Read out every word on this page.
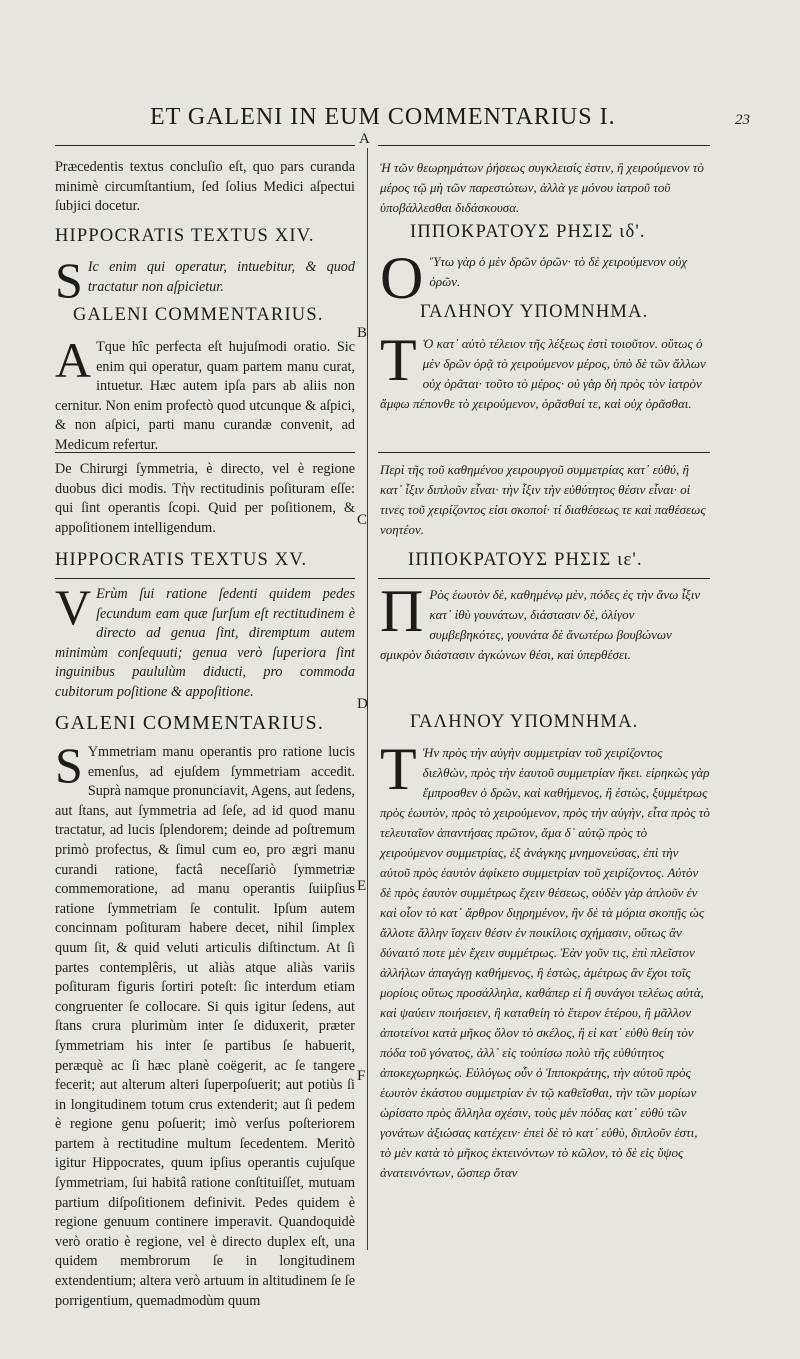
ET GALENI IN EUM COMMENTARIUS I.	23
A
B
C
D
E
F

Præcedentis textus concluſio eſt, quo pars curanda minimè circumſtantium, ſed ſolius Medici aſpectui ſubjici docetur.

HIPPOCRATIS TEXTUS XIV.

S Ic enim qui operatur, intuebitur, & quod tractatur non aſpicietur.

GALENI COMMENTARIUS.

A Tque hîc perfecta eſt hujuſmodi oratio. Sic enim qui operatur, quam partem manu curat, intuetur. Hæc autem ipſa pars ab aliis non cernitur. Non enim profectò quod utcunque & aſpici, & non aſpici, parti manu curandæ convenit, ad Medicum refertur.

De Chirurgi ſymmetria, è directo, vel è regione duobus dici modis. Τὴν rectitudinis poſituram eſſe: qui ſint operantis ſcopi. Quid per poſitionem, & appoſitionem intelligendum.

HIPPOCRATIS TEXTUS XV.

V Erùm ſui ratione ſedenti quidem pedes ſecundum eam quæ ſurſum eſt rectitudinem è directo ad genua ſint, diremptum autem minimùm conſequuti; genua verò ſuperiora ſint inguinibus paululùm diducti, pro commoda cubitorum poſitione & appoſitione.

GALENI COMMENTARIUS.

S Ymmetriam manu operantis pro ratione lucis emenſus, ad ejuſdem ſymmetriam accedit. Suprà namque pronunciavit, Agens, aut ſedens, aut ſtans, aut ſymmetria ad ſeſe, ad id quod manu tractatur, ad lucis ſplendorem; deinde ad poſtremum primò profectus, & ſimul cum eo, pro ægri manu curandi ratione, factâ neceſſariò ſymmetriæ commemoratione, ad manu operantis ſuiipſius ratione ſymmetriam ſe contulit. Ipſum autem concinnam poſituram habere decet, nihil ſimplex quum ſit, & quid veluti articulis diſtinctum. At ſi partes contemplêris, ut aliàs atque aliàs variis poſituram figuris ſortiri poteſt: ſic interdum etiam congruenter ſe collocare. Si quis igitur ſedens, aut ſtans crura plurimùm inter ſe diduxerit, præter ſymmetriam his inter ſe partibus ſe habuerit, peræquè ac ſi hæc planè coëgerit, ac ſe tangere fecerit; aut alterum alteri ſuperpoſuerit; aut potiùs ſi in longitudinem totum crus extenderit; aut ſi pedem è regione genu poſuerit; imò verſus poſteriorem partem à rectitudine multum ſecedentem. Meritò igitur Hippocrates, quum ipſius operantis cujuſque ſymmetriam, ſui habitâ ratione conſtituiſſet, mutuam partium diſpoſitionem definivit. Pedes quidem è regione genuum continere imperavit. Quandoquidè verò oratio è regione, vel è directo duplex eſt, una quidem membrorum ſe in longitudinem extendentium; altera verò artuum in altitudinem ſe ſe porrigentium, quemadmodùm quum

Ἡ τῶν θεωρημάτων ῥήσεως συγκλεισίς ἐστιν, ἣ χειρούμενον τὸ μέρος τῷ μὴ τῶν παρεστώτων, ἀλλὰ γε μόνου ἰατροῦ τοῦ ὑποβάλλεσθαι διδάσκουσα.

ΙΠΠΟΚΡΑΤΟΥΣ ΡΗΣΙΣ ιδ'.

Ο Ὕτω γὰρ ὁ μὲν δρῶν ὁρῶν· τὸ δὲ χειρούμενον οὐχ ὁρῶν.

ΓΑΛΗΝΟΥ ΥΠΟΜΝΗΜΑ.

Τ Ὁ κατ᾽ αὐτὸ τέλειον τῆς λέξεως ἐστὶ τοιοῦτον. οὕτως ὁ μὲν δρῶν ὁρᾷ τὸ χειρούμενον μέρος, ὑπὸ δὲ τῶν ἄλλων οὐχ ὁρᾶται· τοῦτο τὸ μέρος· οὐ γὰρ δὴ πρὸς τὸν ἰατρὸν ἄμφω πέπονθε τὸ χειρούμενον, ὁρᾶσθαί τε, καὶ οὐχ ὁρᾶσθαι.

Περὶ τῆς τοῦ καθημένου χειρουργοῦ συμμετρίας κατ᾽ εὐθύ, ἢ κατ᾽ ἶξιν διπλοῦν εἶναι· τὴν ἶξιν τὴν εὐθύτητος θέσιν εἶναι· οἱ τινες τοῦ χειρίζοντος εἰσι σκοποί· τί διαθέσεως τε καὶ παθέσεως νοητέον.

ΙΠΠΟΚΡΑΤΟΥΣ ΡΗΣΙΣ ιε'.

Π Ρὸς ἑωυτὸν δὲ, καθημένῳ μὲν, πόδες ἐς τὴν ἄνω ἶξιν κατ᾽ ἰθὺ γουνάτων, διάστασιν δὲ, ὀλίγον συμβεβηκότες, γουνάτα δὲ ἄνωτέρω βουβώνων σμικρὸν διάστασιν ἀγκώνων θέσι, καὶ ὑπερθέσει.

ΓΑΛΗΝΟΥ ΥΠΟΜΝΗΜΑ.

Τ Ἡν πρὸς τὴν αὐγὴν συμμετρίαν τοῦ χειρίζοντος διελθὼν, πρὸς τὴν ἑαυτοῦ συμμετρίαν ἥκει. εἰρηκὼς γὰρ ἔμπροσθεν ὁ δρῶν, καὶ καθήμενος, ἢ ἑστὼς, ξυμμέτρως πρὸς ἑωυτὸν, πρὸς τὸ χειρούμενον, πρὸς τὴν αὐγὴν, εἶτα πρὸς τὸ τελευταῖον ἀπαντήσας πρῶτον, ἅμα δ᾽ αὐτῷ πρὸς τὸ χειρούμενον συμμετρίας, ἐξ ἀνάγκης μνημονεύσας, ἐπὶ τὴν αὐτοῦ πρὸς ἑαυτὸν ἀφίκετο συμμετρίαν τοῦ χειρίζοντος. Αὐτὸν δὲ πρὸς ἑαυτὸν συμμέτρως ἔχειν θέσεως, οὐδὲν γὰρ ἁπλοῦν ἐν καὶ οἷον τὸ κατ᾽ ἄρθρον διῃρημένον, ἢν δὲ τὰ μόρια σκοπῇς ὡς ἄλλοτε ἄλλην ἴσχειν θέσιν ἐν ποικίλοις σχήμασιν, οὕτως ἂν δύναιτό ποτε μὲν ἔχειν συμμέτρως. Ἐὰν γοῦν τις, ἐπὶ πλεῖστον ἀλλήλων ἀπαγάγῃ καθήμενος, ἢ ἑστὼς, ἀμέτρως ἂν ἔχοι τοῖς μορίοις οὕτως προσάλληλα, καθάπερ εἰ ἢ συνάγοι τελέως αὐτὰ, καὶ ψαύειν ποιήσειεν, ἢ καταθείη τὸ ἕτερον ἑτέρου, ἢ μᾶλλον ἀποτείνοι κατὰ μῆκος ὅλον τὸ σκέλος, ἢ εἰ κατ᾽ εὐθὺ θείη τὸν πόδα τοῦ γόνατος, ἀλλ᾽ εἰς τοὐπίσω πολὺ τῆς εὐθύτητος ἀποκεχωρηκώς. Εὐλόγως οὖν ὁ Ἱπποκράτης, τὴν αὐτοῦ πρὸς ἑωυτὸν ἑκάστου συμμετρίαν ἐν τῷ καθεῖσθαι, τὴν τῶν μορίων ὡρίσατο πρὸς ἄλληλα σχέσιν, τοὺς μὲν πόδας κατ᾽ εὐθὺ τῶν γονάτων ἀξιώσας κατέχειν· ἐπεὶ δὲ τὸ κατ᾽ εὐθὺ, διπλοῦν ἐστι, τὸ μὲν κατὰ τὸ μῆκος ἐκτεινόντων τὸ κῶλον, τὸ δὲ εἰς ὕψος ἀνατεινόντων, ὥσπερ ὅταν
